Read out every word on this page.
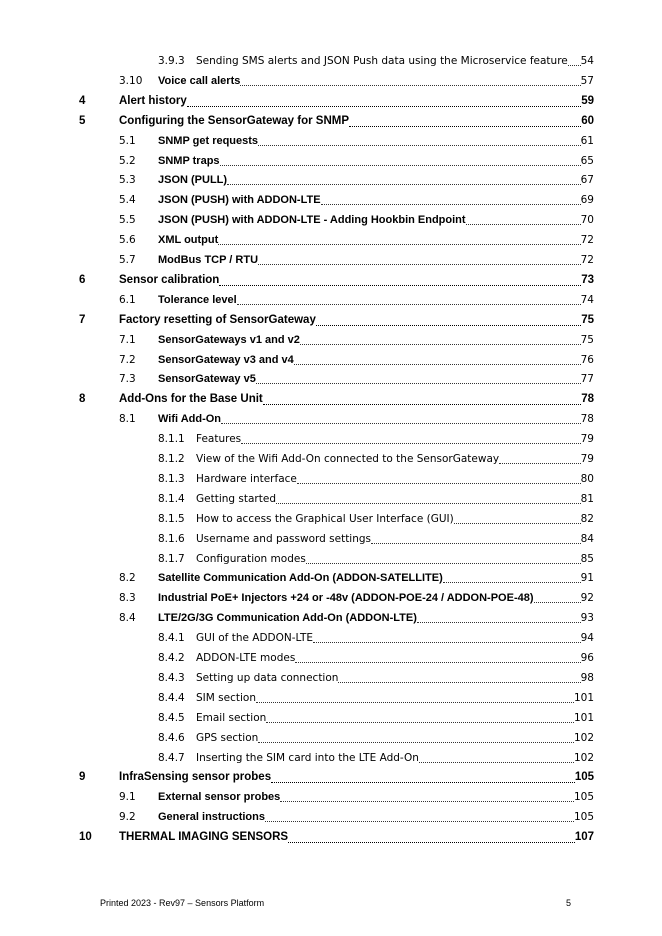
3.9.3 Sending SMS alerts and JSON Push data using the Microservice feature 54
3.10 Voice call alerts	57
4	Alert history	59
5	Configuring the SensorGateway for SNMP	60
5.1 SNMP get requests	61
5.2 SNMP traps	65
5.3 JSON (PULL)	67
5.4 JSON (PUSH) with ADDON-LTE	69
5.5 JSON (PUSH) with ADDON-LTE - Adding Hookbin Endpoint	70
5.6 XML output	72
5.7 ModBus TCP / RTU	72
6	Sensor calibration	73
6.1 Tolerance level	74
7	Factory resetting of SensorGateway	75
7.1 SensorGateways v1 and v2	75
7.2 SensorGateway v3 and v4	76
7.3 SensorGateway v5	77
8	Add-Ons for the Base Unit	78
8.1 Wifi Add-On	78
8.1.1 Features	79
8.1.2 View of the Wifi Add-On connected to the SensorGateway	79
8.1.3 Hardware interface	80
8.1.4 Getting started	81
8.1.5 How to access the Graphical User Interface (GUI)	82
8.1.6 Username and password settings	84
8.1.7 Configuration modes	85
8.2 Satellite Communication Add-On (ADDON-SATELLITE)	91
8.3 Industrial PoE+ Injectors +24 or -48v (ADDON-POE-24 / ADDON-POE-48)	92
8.4 LTE/2G/3G Communication Add-On (ADDON-LTE)	93
8.4.1 GUI of the ADDON-LTE	94
8.4.2 ADDON-LTE modes	96
8.4.3 Setting up data connection	98
8.4.4 SIM section	101
8.4.5 Email section	101
8.4.6 GPS section	102
8.4.7 Inserting the SIM card into the LTE Add-On	102
9	InfraSensing sensor probes	105
9.1 External sensor probes	105
9.2 General instructions	105
10 THERMAL IMAGING SENSORS	107
Printed 2023 - Rev97 – Sensors Platform	5
